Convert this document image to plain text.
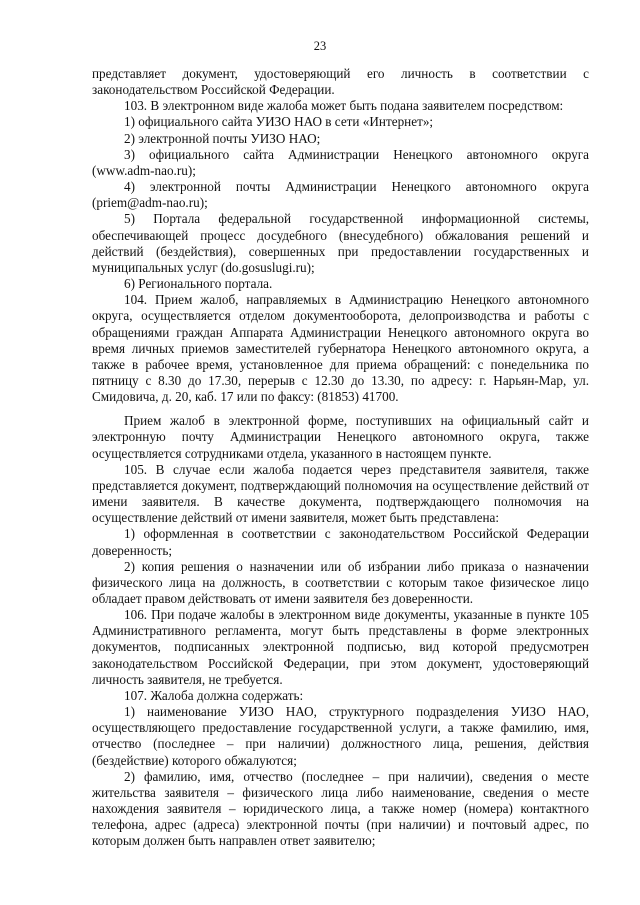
23

представляет документ, удостоверяющий его личность в соответствии с законодательством Российской Федерации.

103. В электронном виде жалоба может быть подана заявителем посредством:

1) официального сайта УИЗО НАО в сети «Интернет»;

2) электронной почты УИЗО НАО;

3) официального сайта Администрации Ненецкого автономного округа (www.adm-nao.ru);

4) электронной почты Администрации Ненецкого автономного округа (priem@adm-nao.ru);

5) Портала федеральной государственной информационной системы, обеспечивающей процесс досудебного (внесудебного) обжалования решений и действий (бездействия), совершенных при предоставлении государственных и муниципальных услуг (do.gosuslugi.ru);

6) Регионального портала.

104. Прием жалоб, направляемых в Администрацию Ненецкого автономного округа, осуществляется отделом документооборота, делопроизводства и работы с обращениями граждан Аппарата Администрации Ненецкого автономного округа во время личных приемов заместителей губернатора Ненецкого автономного округа, а также в рабочее время, установленное для приема обращений: с понедельника по пятницу с 8.30 до 17.30, перерыв с 12.30 до 13.30, по адресу: г. Нарьян-Мар, ул. Смидовича, д. 20, каб. 17 или по факсу: (81853) 41700.

Прием жалоб в электронной форме, поступивших на официальный сайт и электронную почту Администрации Ненецкого автономного округа, также осуществляется сотрудниками отдела, указанного в настоящем пункте.

105. В случае если жалоба подается через представителя заявителя, также представляется документ, подтверждающий полномочия на осуществление действий от имени заявителя. В качестве документа, подтверждающего полномочия на осуществление действий от имени заявителя, может быть представлена:

1) оформленная в соответствии с законодательством Российской Федерации доверенность;

2) копия решения о назначении или об избрании либо приказа о назначении физического лица на должность, в соответствии с которым такое физическое лицо обладает правом действовать от имени заявителя без доверенности.

106. При подаче жалобы в электронном виде документы, указанные в пункте 105 Административного регламента, могут быть представлены в форме электронных документов, подписанных электронной подписью, вид которой предусмотрен законодательством Российской Федерации, при этом документ, удостоверяющий личность заявителя, не требуется.

107. Жалоба должна содержать:

1) наименование УИЗО НАО, структурного подразделения УИЗО НАО, осуществляющего предоставление государственной услуги, а также фамилию, имя, отчество (последнее – при наличии) должностного лица, решения, действия (бездействие) которого обжалуются;

2) фамилию, имя, отчество (последнее – при наличии), сведения о месте жительства заявителя – физического лица либо наименование, сведения о месте нахождения заявителя – юридического лица, а также номер (номера) контактного телефона, адрес (адреса) электронной почты (при наличии) и почтовый адрес, по которым должен быть направлен ответ заявителю;
